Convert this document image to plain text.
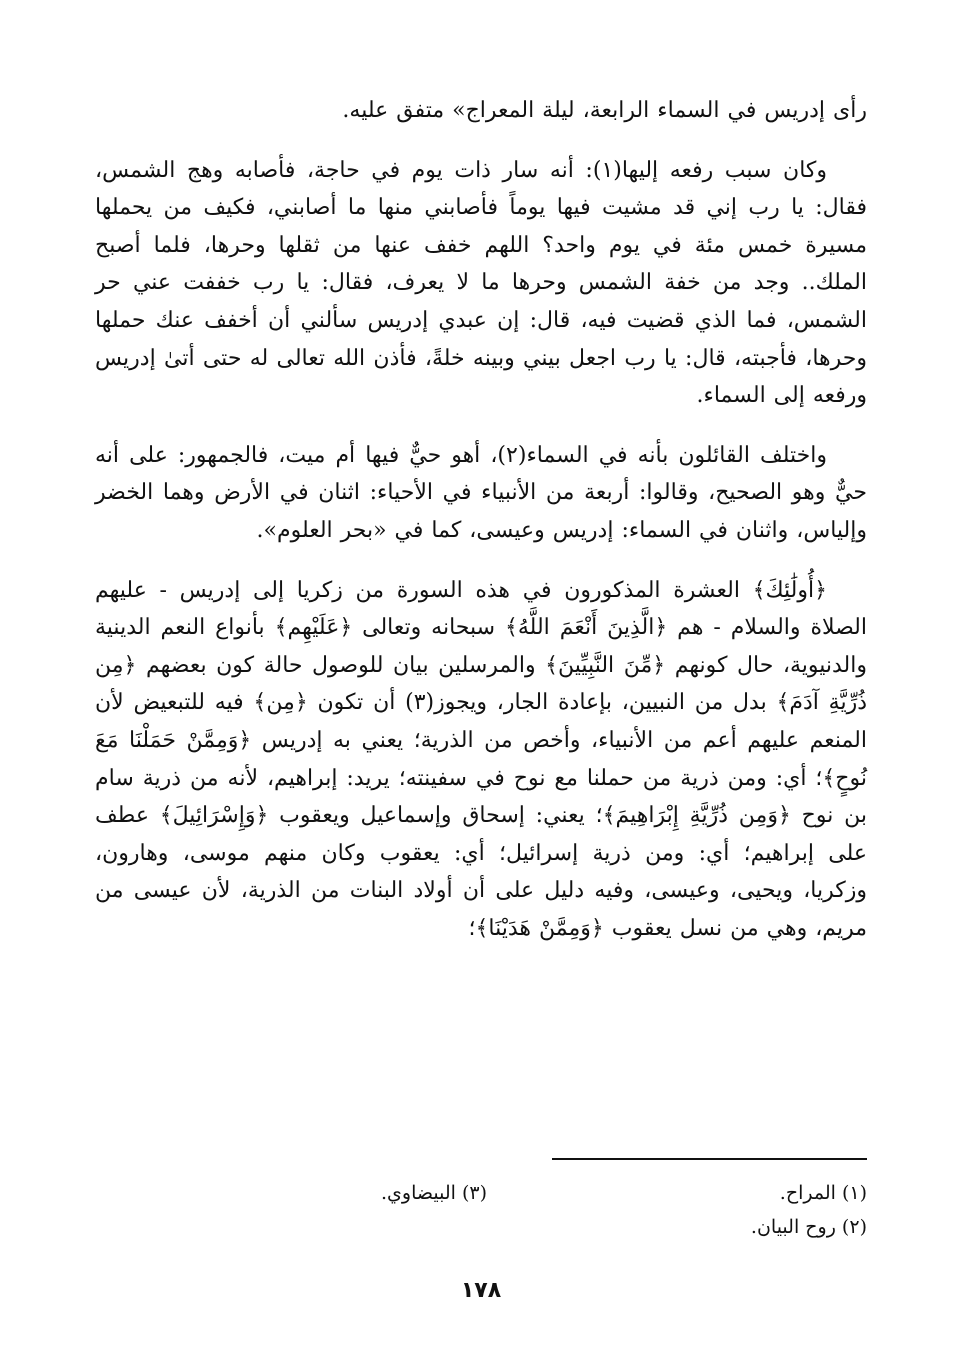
رأى إدريس في السماء الرابعة، ليلة المعراج» متفق عليه.

وكان سبب رفعه إليها(١): أنه سار ذات يوم في حاجة، فأصابه وهج الشمس، فقال: يا رب إني قد مشيت فيها يوماً فأصابني منها ما أصابني، فكيف من يحملها مسيرة خمس مئة في يوم واحد؟ اللهم خفف عنها من ثقلها وحرها، فلما أصبح الملك.. وجد من خفة الشمس وحرها ما لا يعرف، فقال: يا رب خففت عني حر الشمس، فما الذي قضيت فيه، قال: إن عبدي إدريس سألني أن أخفف عنك حملها وحرها، فأجبته، قال: يا رب اجعل بيني وبينه خلةً، فأذن الله تعالى له حتى أتىٰ إدريس ورفعه إلى السماء.

واختلف القائلون بأنه في السماء(٢)، أهو حيٌّ فيها أم ميت، فالجمهور: على أنه حيٌّ وهو الصحيح، وقالوا: أربعة من الأنبياء في الأحياء: اثنان في الأرض وهما الخضر وإلياس، واثنان في السماء: إدريس وعيسى، كما في «بحر العلوم».

﴿أُولَٰئِكَ﴾ العشرة المذكورون في هذه السورة من زكريا إلى إدريس - عليهم الصلاة والسلام - هم ﴿الَّذِينَ أَنْعَمَ اللَّهُ﴾ سبحانه وتعالى ﴿عَلَيْهِم﴾ بأنواع النعم الدينية والدنيوية، حال كونهم ﴿مِّنَ النَّبِيِّينَ﴾ والمرسلين بيان للوصول حالة كون بعضهم ﴿مِن ذُرِّيَّةِ آدَمَ﴾ بدل من النبيين، بإعادة الجار، ويجوز(٣) أن تكون ﴿مِن﴾ فيه للتبعيض لأن المنعم عليهم أعم من الأنبياء، وأخص من الذرية؛ يعني به إدريس ﴿وَمِمَّنْ حَمَلْنَا مَعَ نُوحٍ﴾؛ أي: ومن ذرية من حملنا مع نوح في سفينته؛ يريد: إبراهيم، لأنه من ذرية سام بن نوح ﴿وَمِن ذُرِّيَّةِ إِبْرَاهِيمَ﴾؛ يعني: إسحاق وإسماعيل ويعقوب ﴿وَإِسْرَائِيلَ﴾ عطف على إبراهيم؛ أي: ومن ذرية إسرائيل؛ أي: يعقوب وكان منهم موسى، وهارون، وزكريا، ويحيى، وعيسى، وفيه دليل على أن أولاد البنات من الذرية، لأن عيسى من مريم، وهي من نسل يعقوب ﴿وَمِمَّنْ هَدَيْنَا﴾؛

(١) المراح.
(٣) البيضاوي.
(٢) روح البيان.
١٧٨
